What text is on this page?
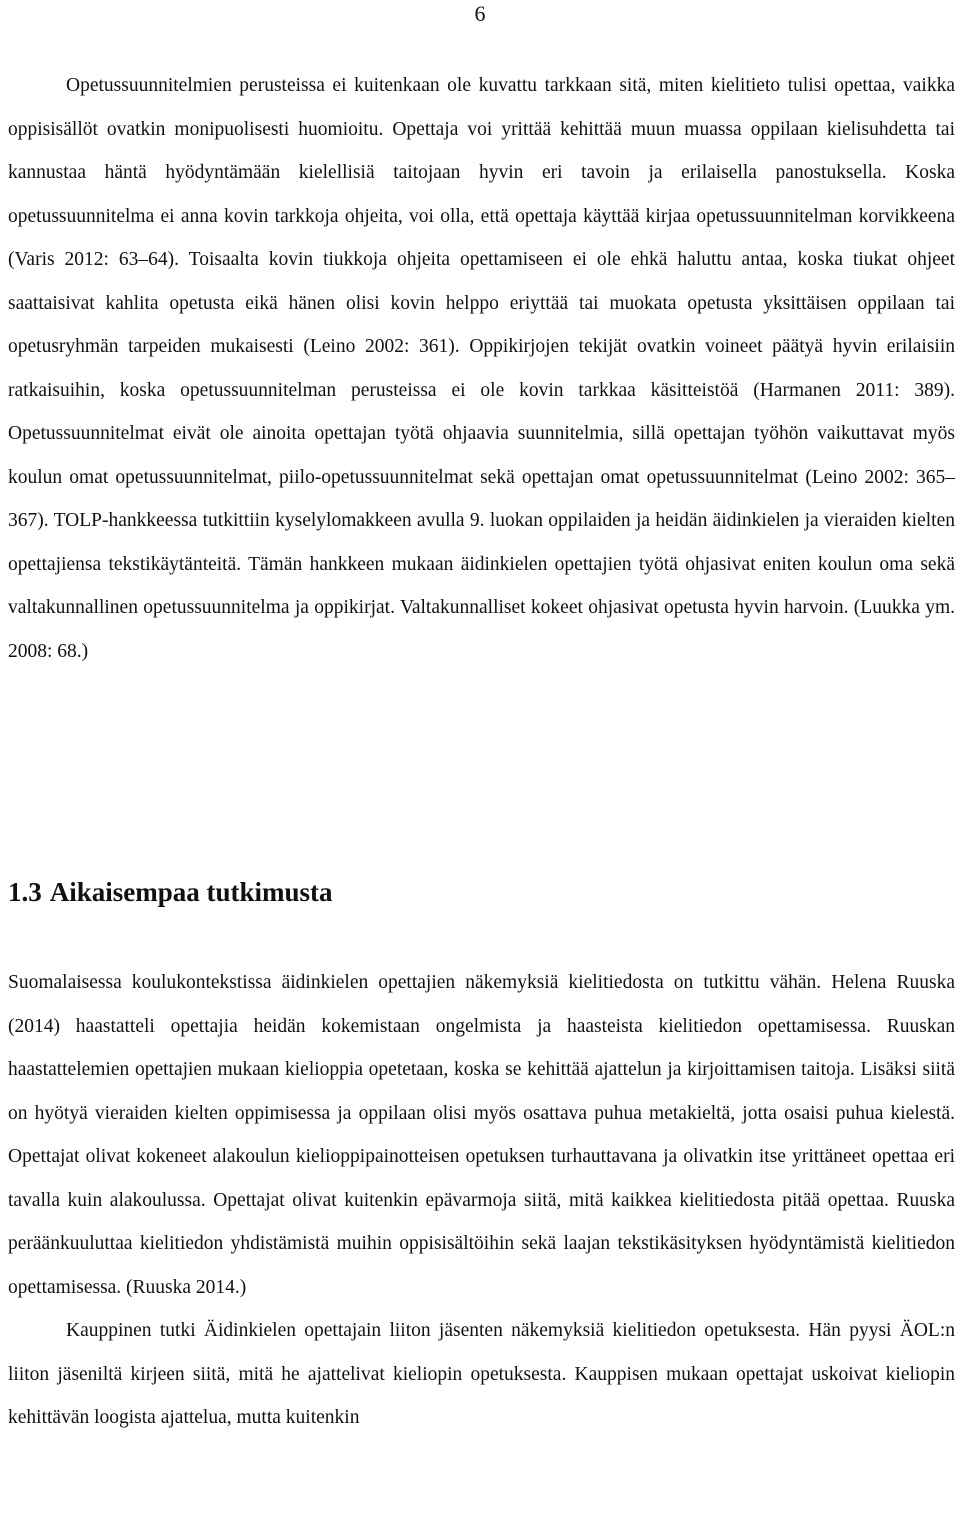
6

Opetussuunnitelmien perusteissa ei kuitenkaan ole kuvattu tarkkaan sitä, miten kielitieto tulisi opettaa, vaikka oppisisällöt ovatkin monipuolisesti huomioitu. Opettaja voi yrittää kehittää muun muassa oppilaan kielisuhdetta tai kannustaa häntä hyödyntämään kielellisiä taitojaan hyvin eri tavoin ja erilaisella panostuksella. Koska opetussuunnitelma ei anna kovin tarkkoja ohjeita, voi olla, että opettaja käyttää kirjaa opetussuunnitelman korvikkeena (Varis 2012: 63–64). Toisaalta kovin tiukkoja ohjeita opettamiseen ei ole ehkä haluttu antaa, koska tiukat ohjeet saattaisivat kahlita opetusta eikä hänen olisi kovin helppo eriyttää tai muokata opetusta yksittäisen oppilaan tai opetusryhmän tarpeiden mukaisesti (Leino 2002: 361). Oppikirjojen tekijät ovatkin voineet päätyä hyvin erilaisiin ratkaisuihin, koska opetussuunnitelman perusteissa ei ole kovin tarkkaa käsitteistöä (Harmanen 2011: 389). Opetussuunnitelmat eivät ole ainoita opettajan työtä ohjaavia suunnitelmia, sillä opettajan työhön vaikuttavat myös koulun omat opetussuunnitelmat, piilo-opetussuunnitelmat sekä opettajan omat opetussuunnitelmat (Leino 2002: 365–367). TOLP-hankkeessa tutkittiin kyselylomakkeen avulla 9. luokan oppilaiden ja heidän äidinkielen ja vieraiden kielten opettajiensa tekstikäytänteitä. Tämän hankkeen mukaan äidinkielen opettajien työtä ohjasivat eniten koulun oma sekä valtakunnallinen opetussuunnitelma ja oppikirjat. Valtakunnalliset kokeet ohjasivat opetusta hyvin harvoin. (Luukka ym. 2008: 68.)

1.3 Aikaisempaa tutkimusta

Suomalaisessa koulukontekstissa äidinkielen opettajien näkemyksiä kielitiedosta on tutkittu vähän. Helena Ruuska (2014) haastatteli opettajia heidän kokemistaan ongelmista ja haasteista kielitiedon opettamisessa. Ruuskan haastattelemien opettajien mukaan kielioppia opetetaan, koska se kehittää ajattelun ja kirjoittamisen taitoja. Lisäksi siitä on hyötyä vieraiden kielten oppimisessa ja oppilaan olisi myös osattava puhua metakieltä, jotta osaisi puhua kielestä. Opettajat olivat kokeneet alakoulun kielioppipainotteisen opetuksen turhauttavana ja olivatkin itse yrittäneet opettaa eri tavalla kuin alakoulussa. Opettajat olivat kuitenkin epävarmoja siitä, mitä kaikkea kielitiedosta pitää opettaa. Ruuska peräänkuuluttaa kielitiedon yhdistämistä muihin oppisisältöihin sekä laajan tekstikäsityksen hyödyntämistä kielitiedon opettamisessa. (Ruuska 2014.)

Kauppinen tutki Äidinkielen opettajain liiton jäsenten näkemyksiä kielitiedon opetuksesta. Hän pyysi ÄOL:n liiton jäseniltä kirjeen siitä, mitä he ajattelivat kieliopin opetuksesta. Kauppisen mukaan opettajat uskoivat kieliopin kehittävän loogista ajattelua, mutta kuitenkin
